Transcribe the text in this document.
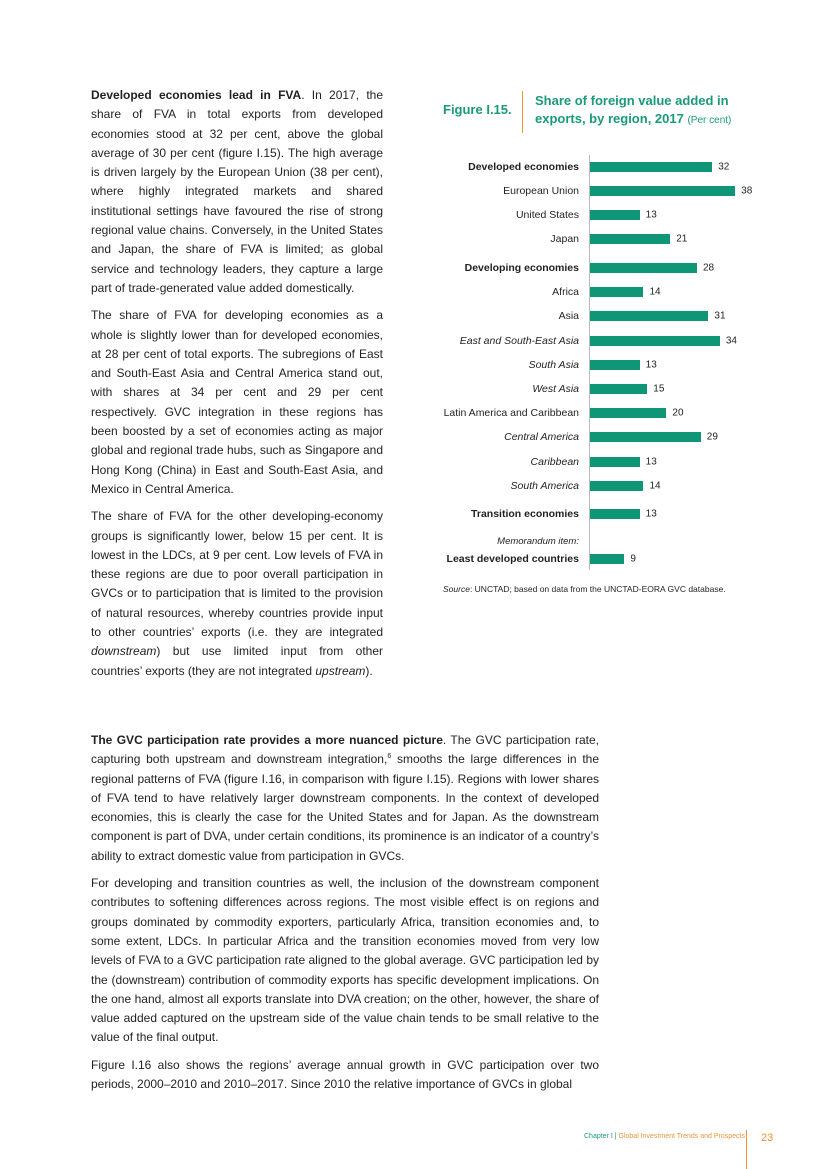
Developed economies lead in FVA. In 2017, the share of FVA in total exports from developed economies stood at 32 per cent, above the global average of 30 per cent (figure I.15). The high average is driven largely by the European Union (38 per cent), where highly integrated markets and shared institutional settings have favoured the rise of strong regional value chains. Conversely, in the United States and Japan, the share of FVA is limited; as global service and technology leaders, they capture a large part of trade-generated value added domestically.

The share of FVA for developing economies as a whole is slightly lower than for developed economies, at 28 per cent of total exports. The subregions of East and South-East Asia and Central America stand out, with shares at 34 per cent and 29 per cent respectively. GVC integration in these regions has been boosted by a set of economies acting as major global and regional trade hubs, such as Singapore and Hong Kong (China) in East and South-East Asia, and Mexico in Central America.

The share of FVA for the other developing-economy groups is significantly lower, below 15 per cent. It is lowest in the LDCs, at 9 per cent. Low levels of FVA in these regions are due to poor overall participation in GVCs or to participation that is limited to the provision of natural resources, whereby countries provide input to other countries’ exports (i.e. they are integrated downstream) but use limited input from other countries’ exports (they are not integrated upstream).

Figure I.15.
Share of foreign value added in exports, by region, 2017 (Per cent)
Memorandum item:
Developed economies	32
European Union	38
United States	13
Japan	21
Developing economies	28
Africa	14
Asia	31
East and South-East Asia	34
South Asia	13
West Asia	15
Latin America and Caribbean	20
Central America	29
Caribbean	13
South America	14
Transition economies	13
Least developed countries	9
Source: UNCTAD; based on data from the UNCTAD-EORA GVC database.

The GVC participation rate provides a more nuanced picture. The GVC participation rate, capturing both upstream and downstream integration,$^6$ smooths the large differences in the regional patterns of FVA (figure I.16, in comparison with figure I.15). Regions with lower shares of FVA tend to have relatively larger downstream components. In the context of developed economies, this is clearly the case for the United States and for Japan. As the downstream component is part of DVA, under certain conditions, its prominence is an indicator of a country’s ability to extract domestic value from participation in GVCs.

For developing and transition countries as well, the inclusion of the downstream component contributes to softening differences across regions. The most visible effect is on regions and groups dominated by commodity exporters, particularly Africa, transition economies and, to some extent, LDCs. In particular Africa and the transition economies moved from very low levels of FVA to a GVC participation rate aligned to the global average. GVC participation led by the (downstream) contribution of commodity exports has specific development implications. On the one hand, almost all exports translate into DVA creation; on the other, however, the share of value added captured on the upstream side of the value chain tends to be small relative to the value of the final output.

Figure I.16 also shows the regions’ average annual growth in GVC participation over two periods, 2000–2010 and 2010–2017. Since 2010 the relative importance of GVCs in global

Chapter I | Global Investment Trends and Prospects 23
